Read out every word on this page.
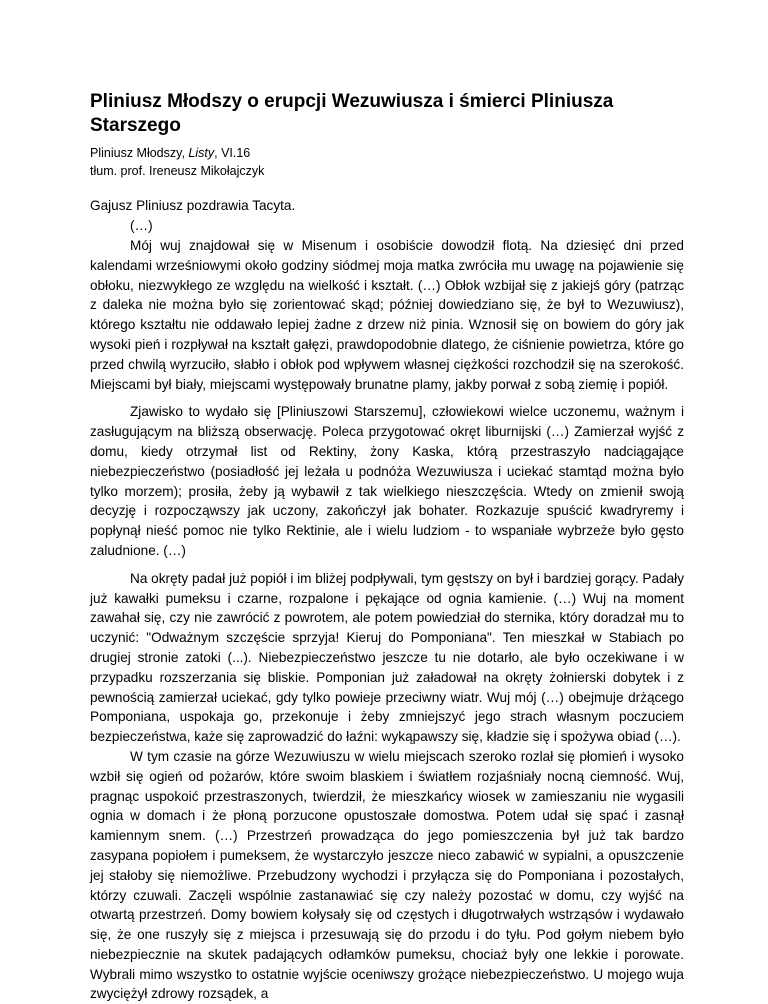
Pliniusz Młodszy o erupcji Wezuwiusza i śmierci Pliniusza Starszego
Pliniusz Młodszy, Listy, VI.16
tłum. prof. Ireneusz Mikołajczyk
Gajusz Pliniusz pozdrawia Tacyta.
(…)

Mój wuj znajdował się w Misenum i osobiście dowodził flotą. Na dziesięć dni przed kalendami wrześniowymi około godziny siódmej moja matka zwróciła mu uwagę na pojawienie się obłoku, niezwykłego ze względu na wielkość i kształt. (…) Obłok wzbijał się z jakiejś góry (patrząc z daleka nie można było się zorientować skąd; później dowiedziano się, że był to Wezuwiusz), którego kształtu nie oddawało lepiej żadne z drzew niż pinia. Wznosił się on bowiem do góry jak wysoki pień i rozpływał na kształt gałęzi, prawdopodobnie dlatego, że ciśnienie powietrza, które go przed chwilą wyrzuciło, słabło i obłok pod wpływem własnej ciężkości rozchodził się na szerokość. Miejscami był biały, miejscami występowały brunatne plamy, jakby porwał z sobą ziemię i popiół.

Zjawisko to wydało się [Pliniuszowi Starszemu], człowiekowi wielce uczonemu, ważnym i zasługującym na bliższą obserwację. Poleca przygotować okręt liburnijski (…) Zamierzał wyjść z domu, kiedy otrzymał list od Rektiny, żony Kaska, którą przestraszyło nadciągające niebezpieczeństwo (posiadłość jej leżała u podnóża Wezuwiusza i uciekać stamtąd można było tylko morzem); prosiła, żeby ją wybawił z tak wielkiego nieszczęścia. Wtedy on zmienił swoją decyzję i rozpocząwszy jak uczony, zakończył jak bohater. Rozkazuje spuścić kwadryremy i popłynął nieść pomoc nie tylko Rektinie, ale i wielu ludziom - to wspaniałe wybrzeże było gęsto zaludnione. (…)

Na okręty padał już popiół i im bliżej podpływali, tym gęstszy on był i bardziej gorący. Padały już kawałki pumeksu i czarne, rozpalone i pękające od ognia kamienie. (…) Wuj na moment zawahał się, czy nie zawrócić z powrotem, ale potem powiedział do sternika, który doradzał mu to uczynić: "Odważnym szczęście sprzyja! Kieruj do Pomponiana". Ten mieszkał w Stabiach po drugiej stronie zatoki (...). Niebezpieczeństwo jeszcze tu nie dotarło, ale było oczekiwane i w przypadku rozszerzania się bliskie. Pomponian już załadował na okręty żołnierski dobytek i z pewnością zamierzał uciekać, gdy tylko powieje przeciwny wiatr. Wuj mój (…) obejmuje drżącego Pomponiana, uspokaja go, przekonuje i żeby zmniejszyć jego strach własnym poczuciem bezpieczeństwa, każe się zaprowadzić do łaźni: wykąpawszy się, kładzie się i spożywa obiad (…).

W tym czasie na górze Wezuwiuszu w wielu miejscach szeroko rozlał się płomień i wysoko wzbił się ogień od pożarów, które swoim blaskiem i światłem rozjaśniały nocną ciemność. Wuj, pragnąc uspokoić przestraszonych, twierdził, że mieszkańcy wiosek w zamieszaniu nie wygasili ognia w domach i że płoną porzucone opustoszałe domostwa. Potem udał się spać i zasnął kamiennym snem. (…) Przestrzeń prowadząca do jego pomieszczenia był już tak bardzo zasypana popiołem i pumeksem, że wystarczyło jeszcze nieco zabawić w sypialni, a opuszczenie jej stałoby się niemożliwe. Przebudzony wychodzi i przyłącza się do Pomponiana i pozostałych, którzy czuwali. Zaczęli wspólnie zastanawiać się czy należy pozostać w domu, czy wyjść na otwartą przestrzeń. Domy bowiem kołysały się od częstych i długotrwałych wstrząsów i wydawało się, że one ruszyły się z miejsca i przesuwają się do przodu i do tyłu. Pod gołym niebem było niebezpiecznie na skutek padających odłamków pumeksu, chociaż były one lekkie i porowate. Wybrali mimo wszystko to ostatnie wyjście oceniwszy grożące niebezpieczeństwo. U mojego wuja zwyciężył zdrowy rozsądek, a
